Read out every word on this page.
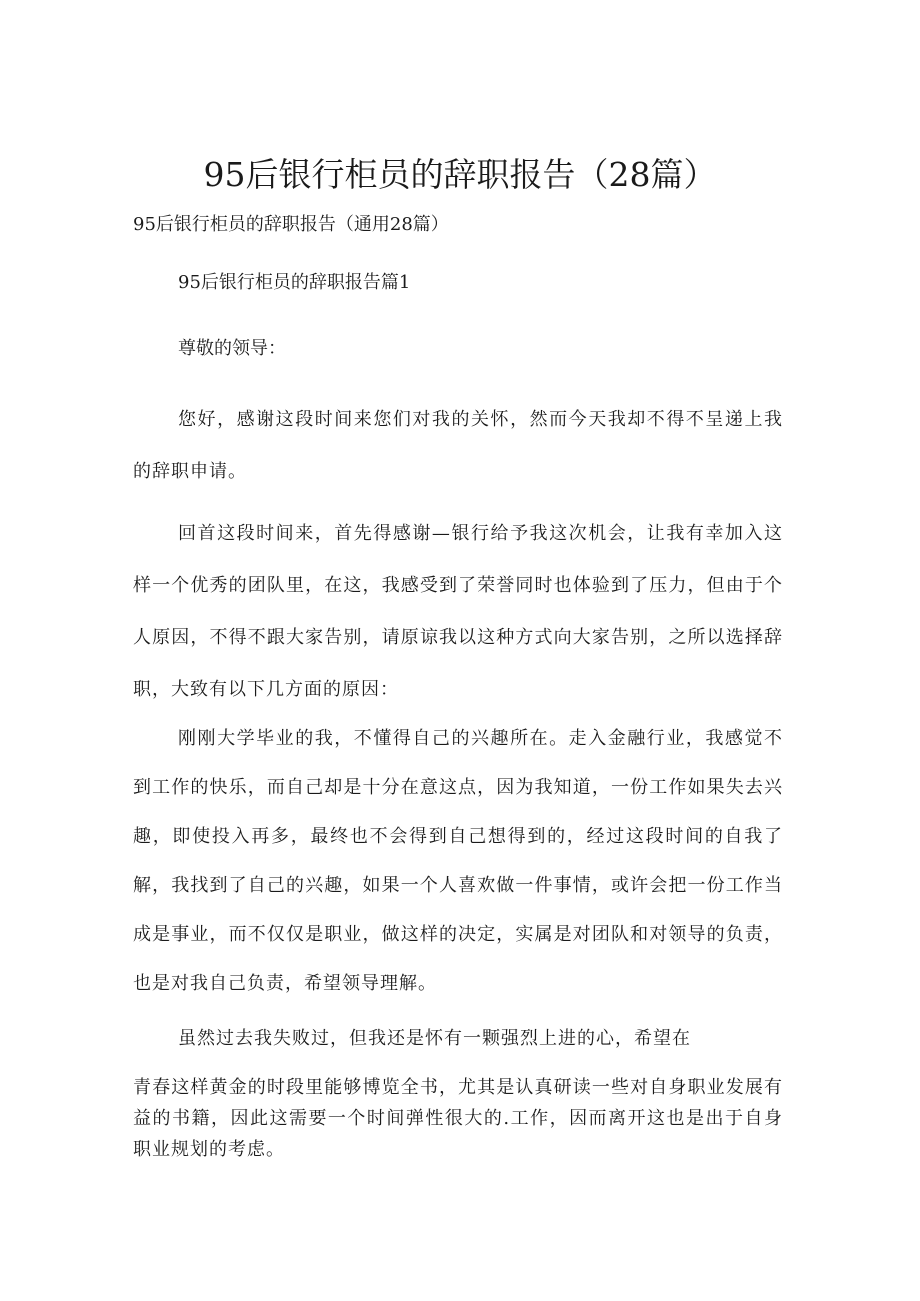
95后银行柜员的辞职报告（28篇）

95后银行柜员的辞职报告（通用28篇）

95后银行柜员的辞职报告篇1

尊敬的领导：

您好，感谢这段时间来您们对我的关怀，然而今天我却不得不呈递上我的辞职申请。

回首这段时间来，首先得感谢—银行给予我这次机会，让我有幸加入这样一个优秀的团队里，在这，我感受到了荣誉同时也体验到了压力，但由于个人原因，不得不跟大家告别，请原谅我以这种方式向大家告别，之所以选择辞职，大致有以下几方面的原因：

刚刚大学毕业的我，不懂得自己的兴趣所在。走入金融行业，我感觉不到工作的快乐，而自己却是十分在意这点，因为我知道，一份工作如果失去兴趣，即使投入再多，最终也不会得到自己想得到的，经过这段时间的自我了解，我找到了自己的兴趣，如果一个人喜欢做一件事情，或许会把一份工作当成是事业，而不仅仅是职业，做这样的决定，实属是对团队和对领导的负责，也是对我自己负责，希望领导理解。

虽然过去我失败过，但我还是怀有一颗强烈上进的心，希望在

青春这样黄金的时段里能够博览全书，尤其是认真研读一些对自身职业发展有益的书籍，因此这需要一个时间弹性很大的.工作，因而离开这也是出于自身职业规划的考虑。
